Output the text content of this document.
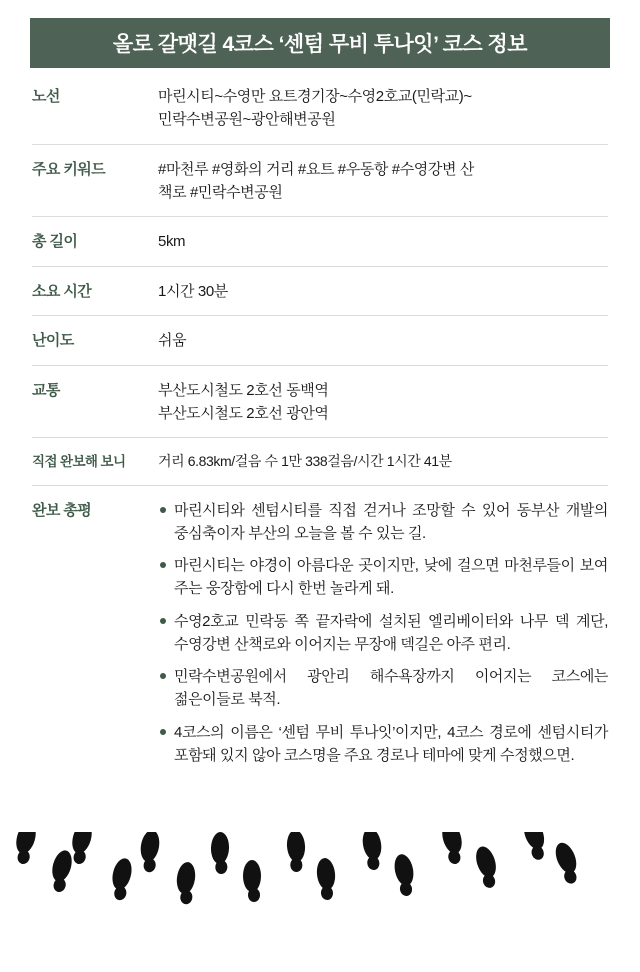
올로 갈맷길 4코스 ‘센텀 무비 투나잇’ 코스 정보
노선	마린시티~수영만 요트경기장~수영2호교(민락교)~
민락수변공원~광안해변공원
주요 키워드	#마천루 #영화의 거리 #요트 #우동항 #수영강변 산
책로 #민락수변공원
총 길이	5km
소요 시간	1시간 30분
난이도	쉬움
교통	부산도시철도 2호선 동백역
부산도시철도 2호선 광안역
직접 완보해 보니	거리 6.83km/걸음 수 1만 338걸음/시간 1시간 41분
완보 총평	마린시티와 센텀시티를 직접 걷거나 조망할 수 있어 동부산 개발의 중심축이자 부산의 오늘을 볼 수 있는 길.
마린시티는 야경이 아름다운 곳이지만, 낮에 걸으면 마천루들이 보여 주는 웅장함에 다시 한번 놀라게 돼.
수영2호교 민락동 쪽 끝자락에 설치된 엘리베이터와 나무 덱 계단, 수영강변 산책로와 이어지는 무장애 덱길은 아주 편리.
민락수변공원에서 광안리 해수욕장까지 이어지는 코스에는 젊은이들로 북적.
4코스의 이름은 ‘센텀 무비 투나잇’이지만, 4코스 경로에 센텀시티가 포함돼 있지 않아 코스명을 주요 경로나 테마에 맞게 수정했으면.
